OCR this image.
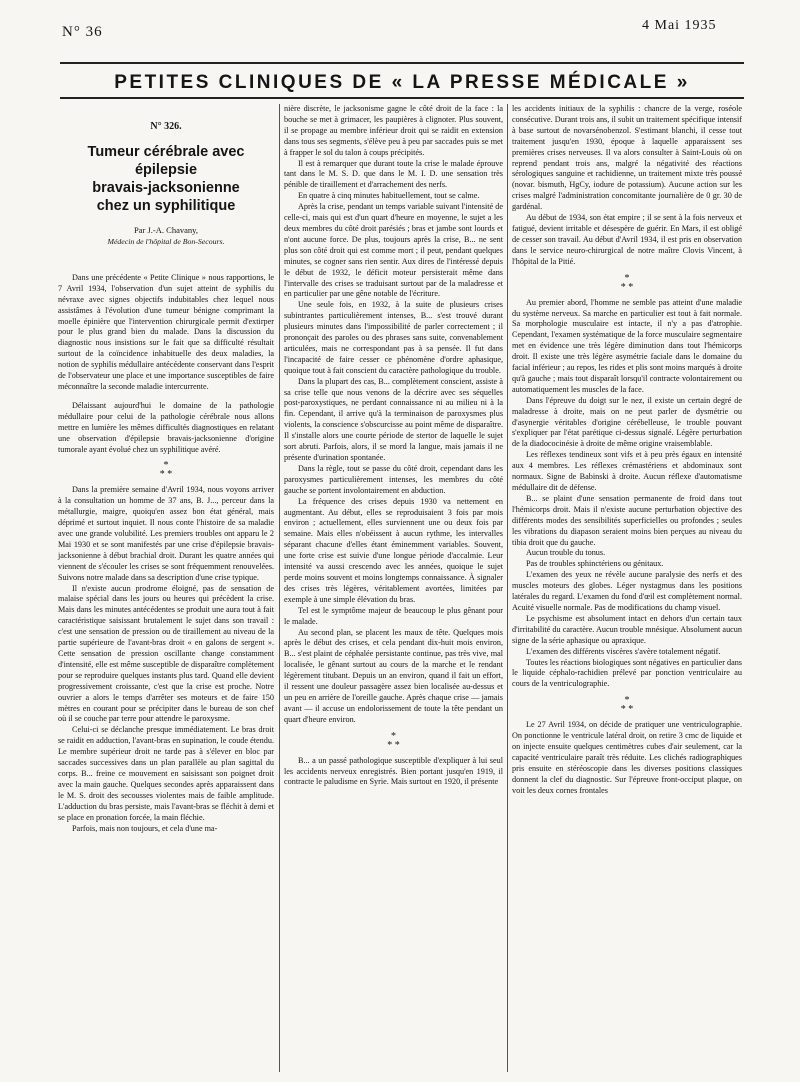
N° 36	4 Mai 1935
PETITES CLINIQUES DE « LA PRESSE MÉDICALE »
N° 326.
Tumeur cérébrale avec épilepsie
bravais-jacksonienne
chez un syphilitique
Par J.-A. Chavany,
Médecin de l'hôpital de Bon-Secours.

Dans une précédente « Petite Clinique » nous rapportions, le 7 Avril 1934, l'observation d'un sujet atteint de syphilis du névraxe avec signes objectifs indubitables chez lequel nous assistâmes à l'évolution d'une tumeur bénigne comprimant la moelle épinière que l'intervention chirurgicale permit d'extirper pour le plus grand bien du malade. Dans la discussion du diagnostic nous insistions sur le fait que sa difficulté résultait surtout de la coïncidence inhabituelle des deux maladies, la notion de syphilis médullaire antécédente conservant dans l'esprit de l'observateur une place et une importance susceptibles de faire méconnaître la seconde maladie intercurrente.

Délaissant aujourd'hui le domaine de la pathologie médullaire pour celui de la pathologie cérébrale nous allons mettre en lumière les mêmes difficultés diagnostiques en relatant une observation d'épilepsie bravais-jacksonienne d'origine tumorale ayant évolué chez un syphilitique avéré.

*
* *

Dans la première semaine d'Avril 1934, nous voyons arriver à la consultation un homme de 37 ans, B. J..., perceur dans la métallurgie, maigre, quoiqu'en assez bon état général, mais déprimé et surtout inquiet. Il nous conte l'histoire de sa maladie avec une grande volubilité. Les premiers troubles ont apparu le 2 Mai 1930 et se sont manifestés par une crise d'épilepsie bravais-jacksonienne à début brachial droit. Durant les quatre années qui viennent de s'écouler les crises se sont fréquemment renouvelées. Suivons notre malade dans sa description d'une crise typique.

Il n'existe aucun prodrome éloigné, pas de sensation de malaise spécial dans les jours ou heures qui précèdent la crise. Mais dans les minutes antécédentes se produit une aura tout à fait caractéristique saisissant brutalement le sujet dans son travail : c'est une sensation de pression ou de tiraillement au niveau de la partie supérieure de l'avant-bras droit « en galons de sergent ». Cette sensation de pression oscillante change constamment d'intensité, elle est même susceptible de disparaître complètement pour se reproduire quelques instants plus tard. Quand elle devient progressivement croissante, c'est que la crise est proche. Notre ouvrier a alors le temps d'arrêter ses moteurs et de faire 150 mètres en courant pour se précipiter dans le bureau de son chef où il se couche par terre pour attendre le paroxysme.

Celui-ci se déclanche presque immédiatement. Le bras droit se raidit en adduction, l'avant-bras en supination, le coude étendu. Le membre supérieur droit ne tarde pas à s'élever en bloc par saccades successives dans un plan parallèle au plan sagittal du corps. B... freine ce mouvement en saisissant son poignet droit avec la main gauche. Quelques secondes après apparaissent dans le M. S. droit des secousses violentes mais de faible amplitude. L'adduction du bras persiste, mais l'avant-bras se fléchit à demi et se place en pronation forcée, la main fléchie.

Parfois, mais non toujours, et cela d'une ma-

nière discrète, le jacksonisme gagne le côté droit de la face : la bouche se met à grimacer, les paupières à clignoter. Plus souvent, il se propage au membre inférieur droit qui se raidit en extension dans tous ses segments, s'élève peu à peu par saccades puis se met à frapper le sol du talon à coups précipités.

Il est à remarquer que durant toute la crise le malade éprouve tant dans le M. S. D. que dans le M. I. D. une sensation très pénible de tiraillement et d'arrachement des nerfs.

En quatre à cinq minutes habituellement, tout se calme.

Après la crise, pendant un temps variable suivant l'intensité de celle-ci, mais qui est d'un quart d'heure en moyenne, le sujet a les deux membres du côté droit parésiés ; bras et jambe sont lourds et n'ont aucune force. De plus, toujours après la crise, B... ne sent plus son côté droit qui est comme mort ; il peut, pendant quelques minutes, se cogner sans rien sentir. Aux dires de l'intéressé depuis le début de 1932, le déficit moteur persisterait même dans l'intervalle des crises se traduisant surtout par de la maladresse et en particulier par une gêne notable de l'écriture.

Une seule fois, en 1932, à la suite de plusieurs crises subintrantes particulièrement intenses, B... s'est trouvé durant plusieurs minutes dans l'impossibilité de parler correctement ; il prononçait des paroles ou des phrases sans suite, convenablement articulées, mais ne correspondant pas à sa pensée. Il fut dans l'incapacité de faire cesser ce phénomène d'ordre aphasique, quoique tout à fait conscient du caractère pathologique du trouble.

Dans la plupart des cas, B... complètement conscient, assiste à sa crise telle que nous venons de la décrire avec ses séquelles post-paroxystiques, ne perdant connaissance ni au milieu ni à la fin. Cependant, il arrive qu'à la terminaison de paroxysmes plus violents, la conscience s'obscurcisse au point même de disparaître. Il s'installe alors une courte période de stertor de laquelle le sujet sort abruti. Parfois, alors, il se mord la langue, mais jamais il ne présente d'urination spontanée.

Dans la règle, tout se passe du côté droit, cependant dans les paroxysmes particulièrement intenses, les membres du côté gauche se portent involontairement en abduction.

La fréquence des crises depuis 1930 va nettement en augmentant. Au début, elles se reproduisaient 3 fois par mois environ ; actuellement, elles surviennent une ou deux fois par semaine. Mais elles n'obéissent à aucun rythme, les intervalles séparant chacune d'elles étant éminemment variables. Souvent, une forte crise est suivie d'une longue période d'accalmie. Leur intensité va aussi crescendo avec les années, quoique le sujet perde moins souvent et moins longtemps connaissance. À signaler des crises très légères, véritablement avortées, limitées par exemple à une simple élévation du bras.

Tel est le symptôme majeur de beaucoup le plus gênant pour le malade.

Au second plan, se placent les maux de tête. Quelques mois après le début des crises, et cela pendant dix-huit mois environ, B... s'est plaint de céphalée persistante continue, pas très vive, mal localisée, le gênant surtout au cours de la marche et le rendant légèrement titubant. Depuis un an environ, quand il fait un effort, il ressent une douleur passagère assez bien localisée au-dessus et un peu en arrière de l'oreille gauche. Après chaque crise — jamais avant — il accuse un endolorissement de toute la tête pendant un quart d'heure environ.

*
* *

B... a un passé pathologique susceptible d'expliquer à lui seul les accidents nerveux enregistrés. Bien portant jusqu'en 1919, il contracte le paludisme en Syrie. Mais surtout en 1920, il présente

les accidents initiaux de la syphilis : chancre de la verge, roséole consécutive. Durant trois ans, il subit un traitement spécifique intensif à base surtout de novarsénobenzol. S'estimant blanchi, il cesse tout traitement jusqu'en 1930, époque à laquelle apparaissent ses premières crises nerveuses. Il va alors consulter à Saint-Louis où on reprend pendant trois ans, malgré la négativité des réactions sérologiques sanguine et rachidienne, un traitement mixte très poussé (novar. bismuth, HgCy, iodure de potassium). Aucune action sur les crises malgré l'administration concomitante journalière de 0 gr. 30 de gardénal.

Au début de 1934, son état empire ; il se sent à la fois nerveux et fatigué, devient irritable et désespère de guérir. En Mars, il est obligé de cesser son travail. Au début d'Avril 1934, il est pris en observation dans le service neuro-chirurgical de notre maître Clovis Vincent, à l'hôpital de la Pitié.

*
* *

Au premier abord, l'homme ne semble pas atteint d'une maladie du système nerveux. Sa marche en particulier est tout à fait normale. Sa morphologie musculaire est intacte, il n'y a pas d'atrophie. Cependant, l'examen systématique de la force musculaire segmentaire met en évidence une très légère diminution dans tout l'hémicorps droit. Il existe une très légère asymétrie faciale dans le domaine du facial inférieur ; au repos, les rides et plis sont moins marqués à droite qu'à gauche ; mais tout disparaît lorsqu'il contracte volontairement ou automatiquement les muscles de la face.

Dans l'épreuve du doigt sur le nez, il existe un certain degré de maladresse à droite, mais on ne peut parler de dysmétrie ou d'asynergie véritables d'origine cérébelleuse, le trouble pouvant s'expliquer par l'état parétique ci-dessus signalé. Légère perturbation de la diadococinésie à droite de même origine vraisemblable.

Les réflexes tendineux sont vifs et à peu près égaux en intensité aux 4 membres. Les réflexes crémastériens et abdominaux sont normaux. Signe de Babinski à droite. Aucun réflexe d'automatisme médullaire dit de défense.

B... se plaint d'une sensation permanente de froid dans tout l'hémicorps droit. Mais il n'existe aucune perturbation objective des différents modes des sensibilités superficielles ou profondes ; seules les vibrations du diapason seraient moins bien perçues au niveau du tibia droit que du gauche.

Aucun trouble du tonus.

Pas de troubles sphinctériens ou génitaux.

L'examen des yeux ne révèle aucune paralysie des nerfs et des muscles moteurs des globes. Léger nystagmus dans les positions latérales du regard. L'examen du fond d'œil est complètement normal. Acuité visuelle normale. Pas de modifications du champ visuel.

Le psychisme est absolument intact en dehors d'un certain taux d'irritabilité du caractère. Aucun trouble mnésique. Absolument aucun signe de la série aphasique ou apraxique.

L'examen des différents viscères s'avère totalement négatif.

Toutes les réactions biologiques sont négatives en particulier dans le liquide céphalo-rachidien prélevé par ponction ventriculaire au cours de la ventriculographie.

*
* *

Le 27 Avril 1934, on décide de pratiquer une ventriculographie. On ponctionne le ventricule latéral droit, on retire 3 cmc de liquide et on injecte ensuite quelques centimètres cubes d'air seulement, car la capacité ventriculaire paraît très réduite. Les clichés radiographiques pris ensuite en stéréoscopie dans les diverses positions classiques donnent la clef du diagnostic. Sur l'épreuve front-occiput plaque, on voit les deux cornes frontales
